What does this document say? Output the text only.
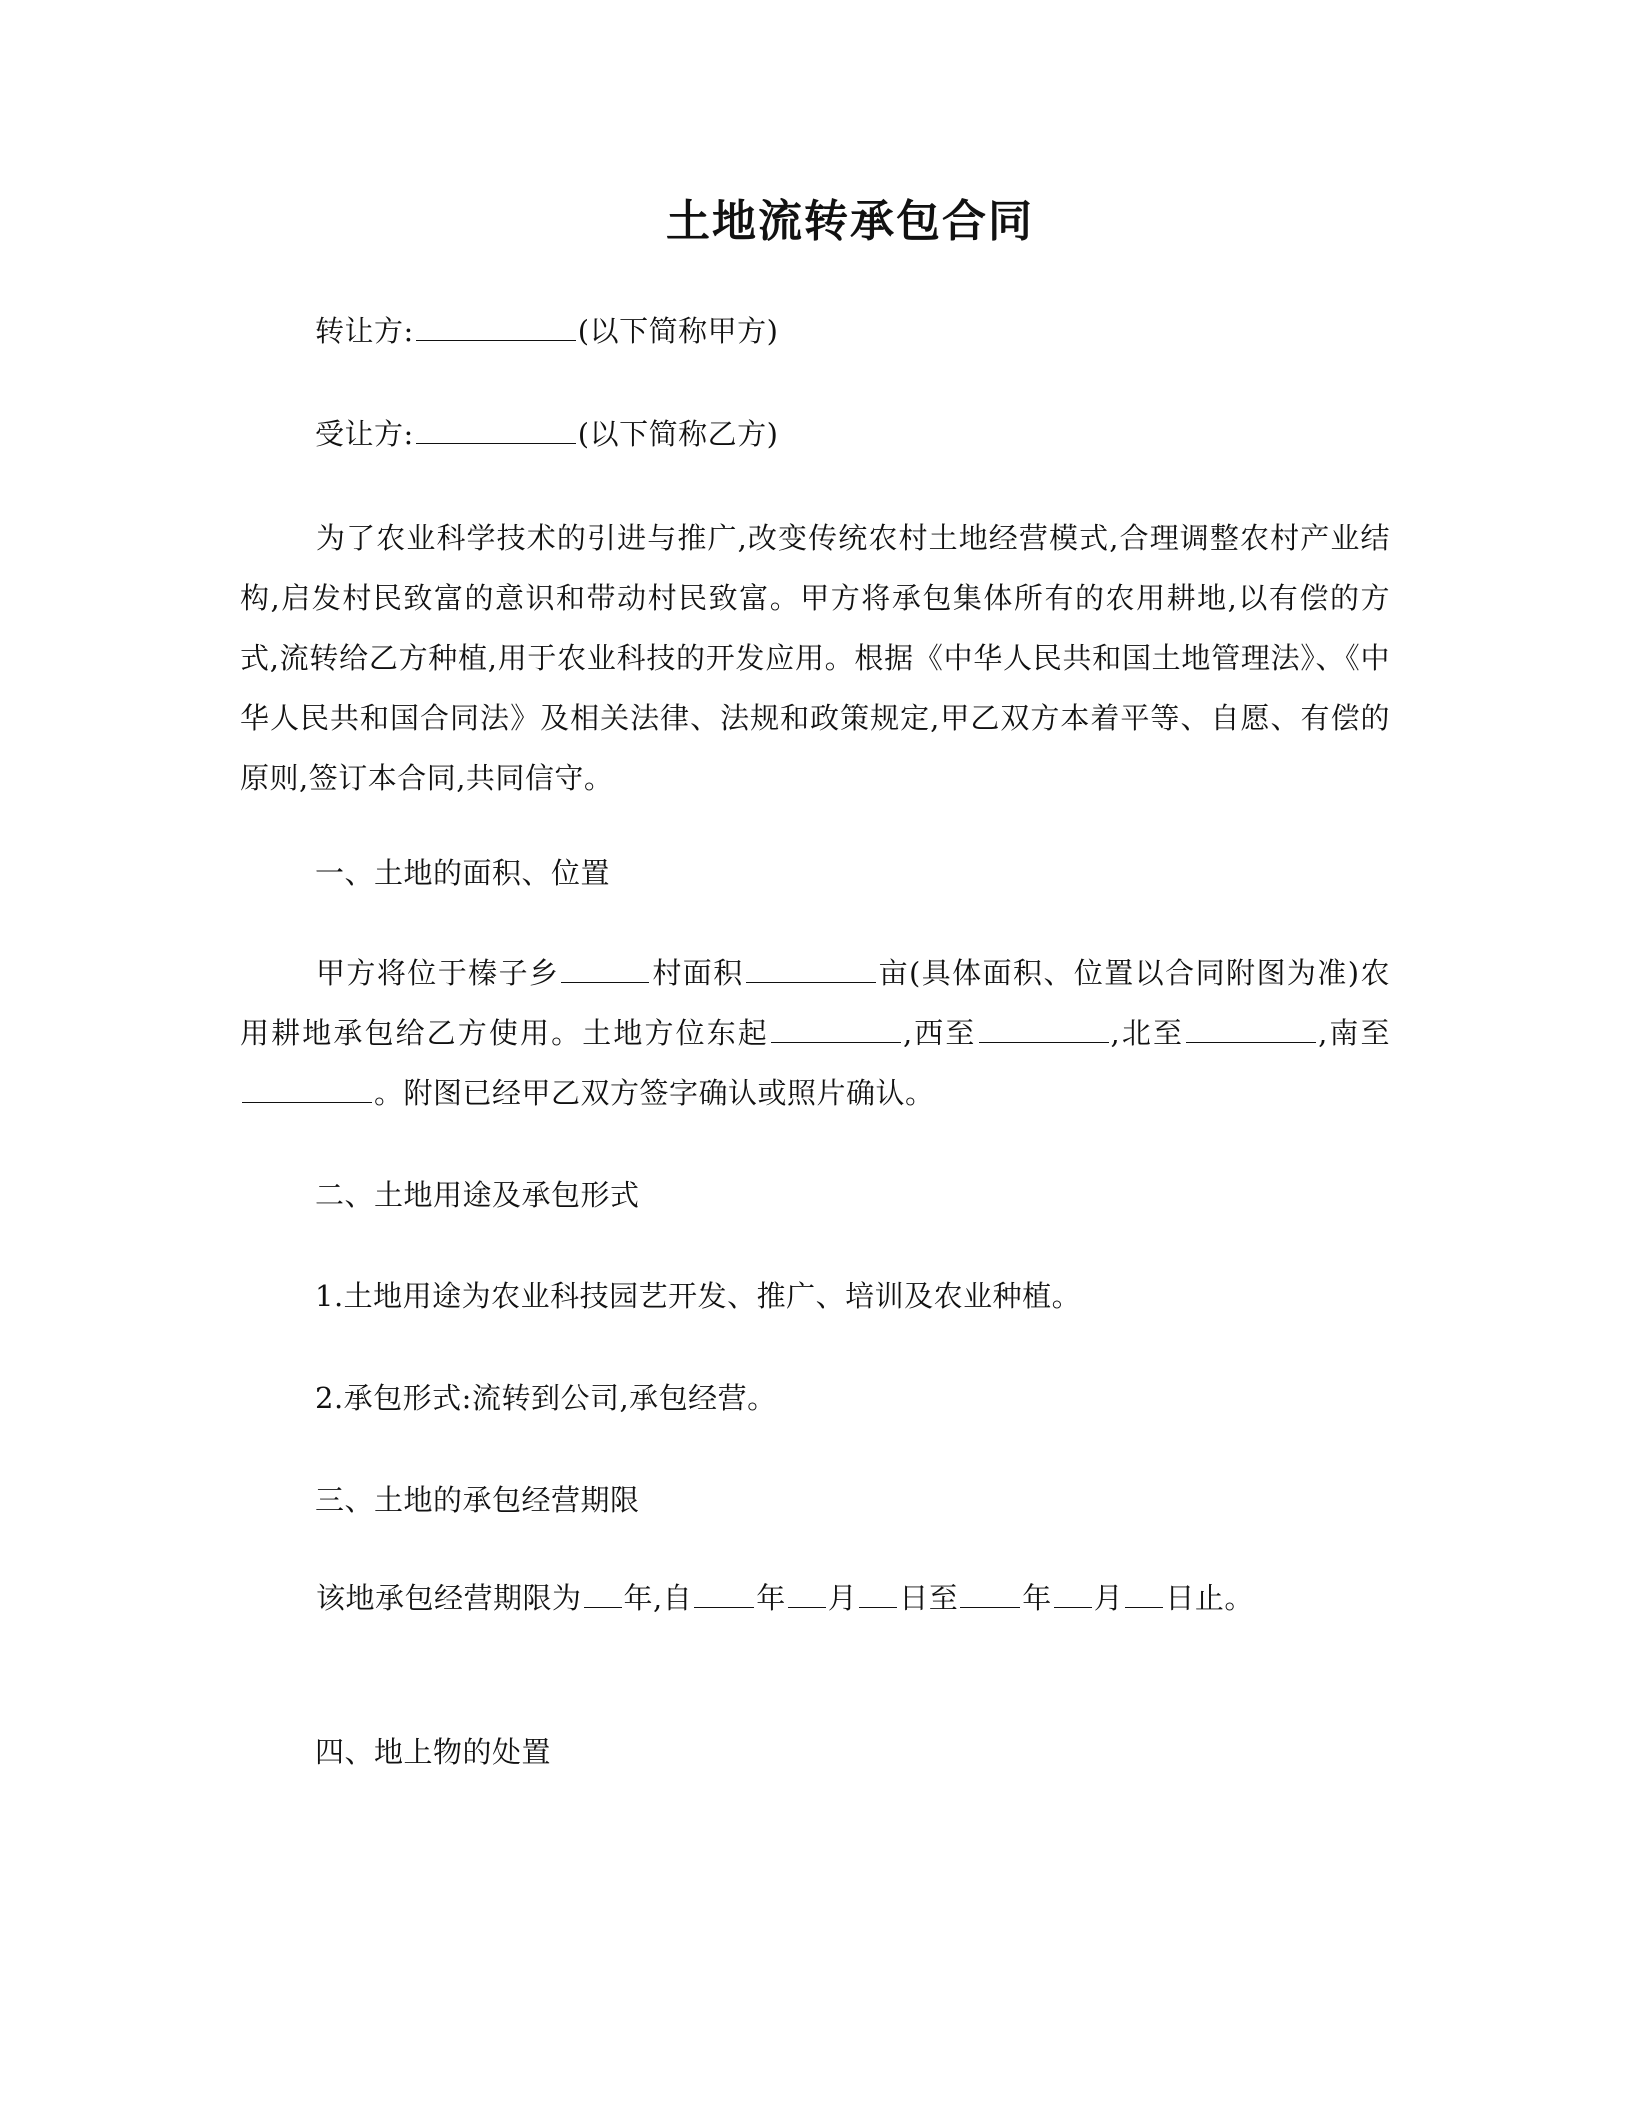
土地流转承包合同
转让方:	(以下简称甲方)
受让方:	(以下简称乙方)
为了农业科学技术的引进与推广,改变传统农村土地经营模式,合理调整农村产业结构,启发村民致富的意识和带动村民致富。甲方将承包集体所有的农用耕地,以有偿的方式,流转给乙方种植,用于农业科技的开发应用。根据《中华人民共和国土地管理法》、《中华人民共和国合同法》及相关法律、法规和政策规定,甲乙双方本着平等、自愿、有偿的原则,签订本合同,共同信守。
一、土地的面积、位置
甲方将位于榛子乡	村面积	亩(具体面积、位置以合同附图为准)农用耕地承包给乙方使用。土地方位东起	,西至	,北至	,南至。附图已经甲乙双方签字确认或照片确认。
二、土地用途及承包形式
1.土地用途为农业科技园艺开发、推广、培训及农业种植。
2.承包形式:流转到公司,承包经营。
三、土地的承包经营期限
该地承包经营期限为 年,自 年 月 日至 年 月 日止。
四、地上物的处置
